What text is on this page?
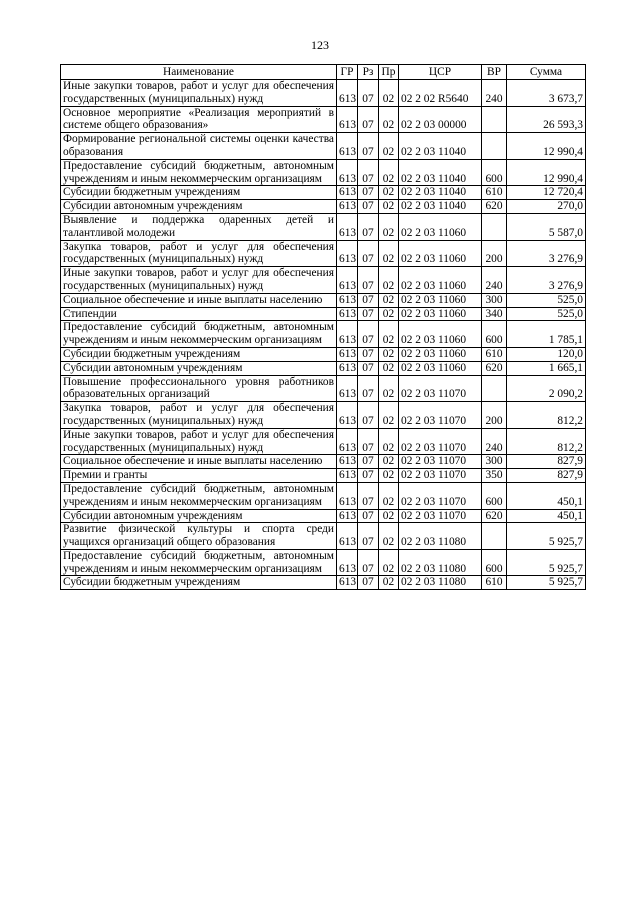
123
Наименование	ГР	Рз	Пр	ЦСР	ВР	Сумма
Иные закупки товаров, работ и услуг для обеспечения государственных (муниципальных) нужд	613	07	02	02 2 02 R5640	240	3 673,7
Основное мероприятие «Реализация мероприятий в системе общего образования»	613	07	02	02 2 03 00000		26 593,3
Формирование региональной системы оценки качества образования	613	07	02	02 2 03 11040		12 990,4
Предоставление субсидий бюджетным, автономным учреждениям и иным некоммерческим организациям	613	07	02	02 2 03 11040	600	12 990,4
Субсидии бюджетным учреждениям	613	07	02	02 2 03 11040	610	12 720,4
Субсидии автономным учреждениям	613	07	02	02 2 03 11040	620	270,0
Выявление и поддержка одаренных детей и талантливой молодежи	613	07	02	02 2 03 11060		5 587,0
Закупка товаров, работ и услуг для обеспечения государственных (муниципальных) нужд	613	07	02	02 2 03 11060	200	3 276,9
Иные закупки товаров, работ и услуг для обеспечения государственных (муниципальных) нужд	613	07	02	02 2 03 11060	240	3 276,9
Социальное обеспечение и иные выплаты населению	613	07	02	02 2 03 11060	300	525,0
Стипендии	613	07	02	02 2 03 11060	340	525,0
Предоставление субсидий бюджетным, автономным учреждениям и иным некоммерческим организациям	613	07	02	02 2 03 11060	600	1 785,1
Субсидии бюджетным учреждениям	613	07	02	02 2 03 11060	610	120,0
Субсидии автономным учреждениям	613	07	02	02 2 03 11060	620	1 665,1
Повышение профессионального уровня работников образовательных организаций	613	07	02	02 2 03 11070		2 090,2
Закупка товаров, работ и услуг для обеспечения государственных (муниципальных) нужд	613	07	02	02 2 03 11070	200	812,2
Иные закупки товаров, работ и услуг для обеспечения государственных (муниципальных) нужд	613	07	02	02 2 03 11070	240	812,2
Социальное обеспечение и иные выплаты населению	613	07	02	02 2 03 11070	300	827,9
Премии и гранты	613	07	02	02 2 03 11070	350	827,9
Предоставление субсидий бюджетным, автономным учреждениям и иным некоммерческим организациям	613	07	02	02 2 03 11070	600	450,1
Субсидии автономным учреждениям	613	07	02	02 2 03 11070	620	450,1
Развитие физической культуры и спорта среди учащихся организаций общего образования	613	07	02	02 2 03 11080		5 925,7
Предоставление субсидий бюджетным, автономным учреждениям и иным некоммерческим организациям	613	07	02	02 2 03 11080	600	5 925,7
Субсидии бюджетным учреждениям	613	07	02	02 2 03 11080	610	5 925,7
